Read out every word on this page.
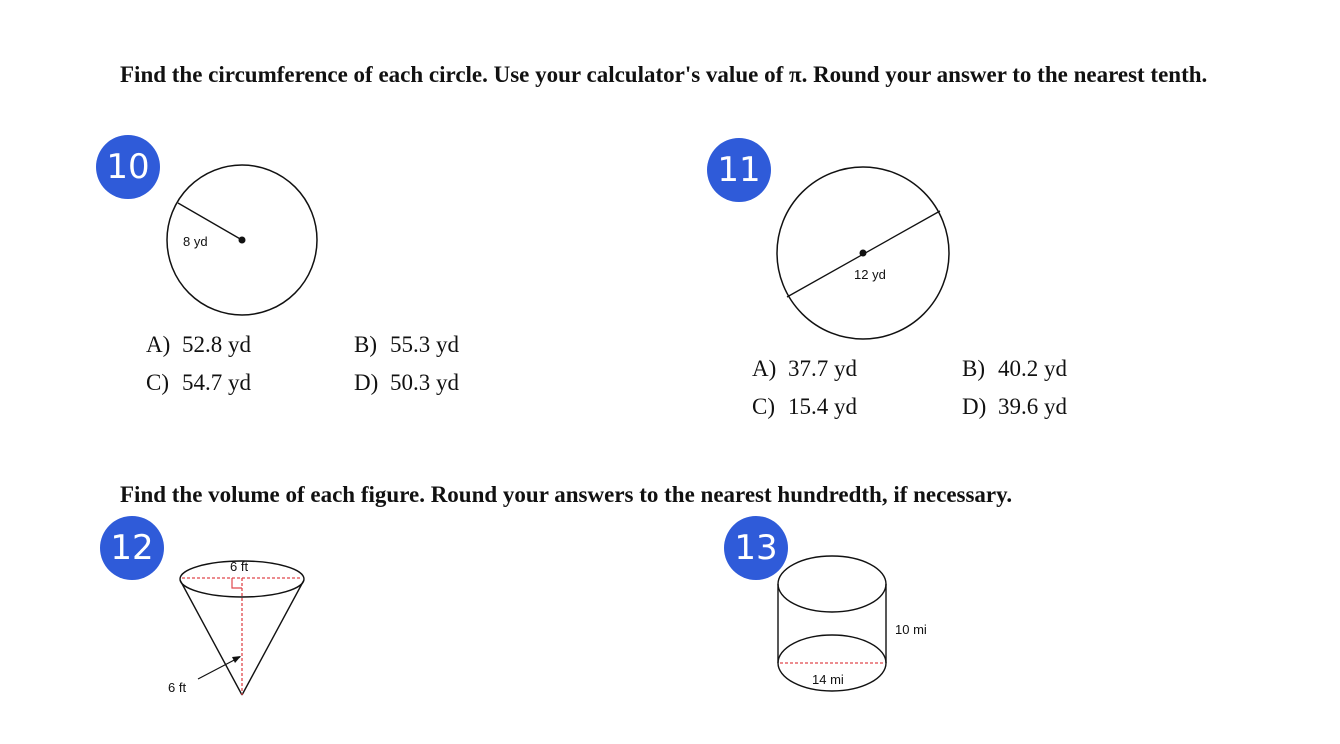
Find the circumference of each circle. Use your calculator's value of π. Round your answer to the nearest tenth.

10
8 yd
A) 52.8 yd	B) 55.3 yd
C) 54.7 yd	D) 50.3 yd
11
12 yd
A) 37.7 yd	B) 40.2 yd
C) 15.4 yd	D) 39.6 yd

Find the volume of each figure. Round your answers to the nearest hundredth, if necessary.

12	6 ft
6 ft
13
10 mi
14 mi
